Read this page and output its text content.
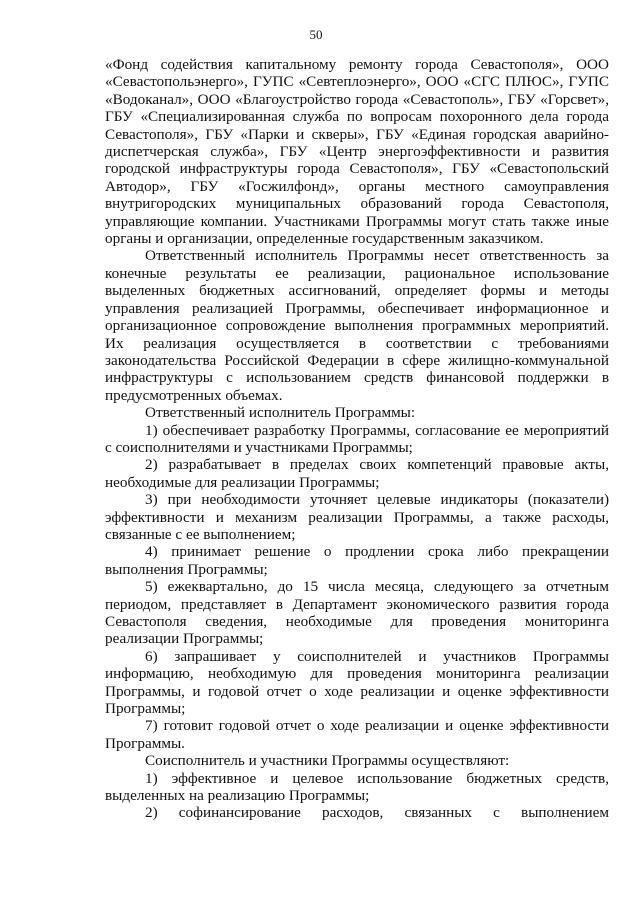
50

«Фонд содействия капитальному ремонту города Севастополя», ООО «Севастопольэнерго», ГУПС «Севтеплоэнерго», ООО «СГС ПЛЮС», ГУПС «Водоканал», ООО «Благоустройство города «Севастополь», ГБУ «Горсвет», ГБУ «Специализированная служба по вопросам похоронного дела города Севастополя», ГБУ «Парки и скверы», ГБУ «Единая городская аварийно-диспетчерская служба», ГБУ «Центр энергоэффективности и развития городской инфраструктуры города Севастополя», ГБУ «Севастопольский Автодор», ГБУ «Госжилфонд», органы местного самоуправления внутригородских муниципальных образований города Севастополя, управляющие компании. Участниками Программы могут стать также иные органы и организации, определенные государственным заказчиком.

Ответственный исполнитель Программы несет ответственность за конечные результаты ее реализации, рациональное использование выделенных бюджетных ассигнований, определяет формы и методы управления реализацией Программы, обеспечивает информационное и организационное сопровождение выполнения программных мероприятий. Их реализация осуществляется в соответствии с требованиями законодательства Российской Федерации в сфере жилищно-коммунальной инфраструктуры с использованием средств финансовой поддержки в предусмотренных объемах.

Ответственный исполнитель Программы:

1) обеспечивает разработку Программы, согласование ее мероприятий с соисполнителями и участниками Программы;

2) разрабатывает в пределах своих компетенций правовые акты, необходимые для реализации Программы;

3) при необходимости уточняет целевые индикаторы (показатели) эффективности и механизм реализации Программы, а также расходы, связанные с ее выполнением;

4) принимает решение о продлении срока либо прекращении выполнения Программы;

5) ежеквартально, до 15 числа месяца, следующего за отчетным периодом, представляет в Департамент экономического развития города Севастополя сведения, необходимые для проведения мониторинга реализации Программы;

6) запрашивает у соисполнителей и участников Программы информацию, необходимую для проведения мониторинга реализации Программы, и годовой отчет о ходе реализации и оценке эффективности Программы;

7) готовит годовой отчет о ходе реализации и оценке эффективности Программы.

Соисполнитель и участники Программы осуществляют:

1) эффективное и целевое использование бюджетных средств, выделенных на реализацию Программы;

2) софинансирование расходов, связанных с выполнением
